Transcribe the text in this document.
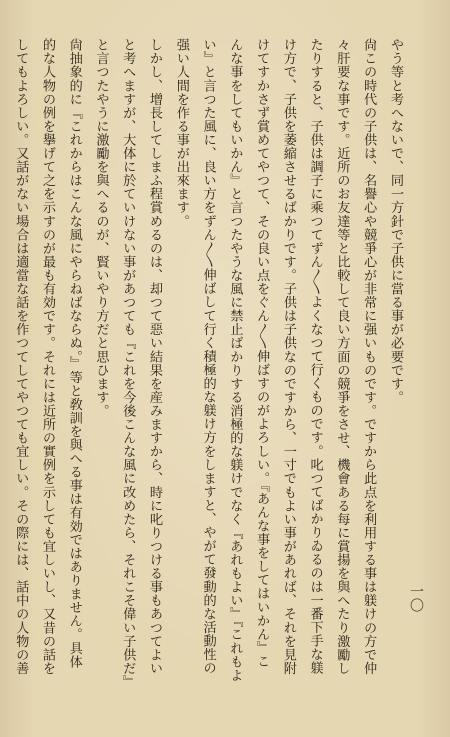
やう等と考へないで、同一方針で子供に當る事が必要です。
尙この時代の子供は、名譽心や競爭心が非常に强いものです。ですから此点を利用する事は躾けの方で仲
々肝要な事です。近所のお友達等と比較して良い方面の競爭をさせ、機會ある每に賞揚を與へたり激勵し
たりすると、子供は調子に乘つてずん〳〵よくなつて行くものです。叱つてばかりゐるのは一番下手な躾
け方で、子供を萎縮させるばかりです。子供は子供なのですから、一寸でもよい事があれば、それを見附
けてすかさず賞めてやつて、その良い点をぐん〳〵伸ばすのがよろしい。『あんな事をしてはいかん』こ
んな事をしてもいかん』と言つたやうな風に禁止ばかりする消極的な躾けでなく『あれもよい』『これもよ
い』と言つた風に、良い方をずん〳〵伸ばして行く積極的な躾け方をしますと、やがて發動的な活動性の
强い人間を作る事が出來ます。
しかし、增長してしまふ程賞めるのは、却つて惡い結果を産みますから、時に叱りつける事もあつてよい
と考へますが、大体に於ていけない事があつても『これを今後こんな風に改めたら、それこそ偉い子供だ』
と言つたやうに激勵を與へるのが、賢いやり方だと思ひます。
尙抽象的に『これからはこんな風にやらねばならぬ。』等と敎訓を與へる事は有効ではありません。具体
的な人物の例を擧げて之を示すのが最も有効です。それには近所の實例を示しても宜しいし、又昔の話を
してもよろしい。又話がない場合は適當な話を作つてしてやつても宜しい。その際には、話中の人物の善	一〇
